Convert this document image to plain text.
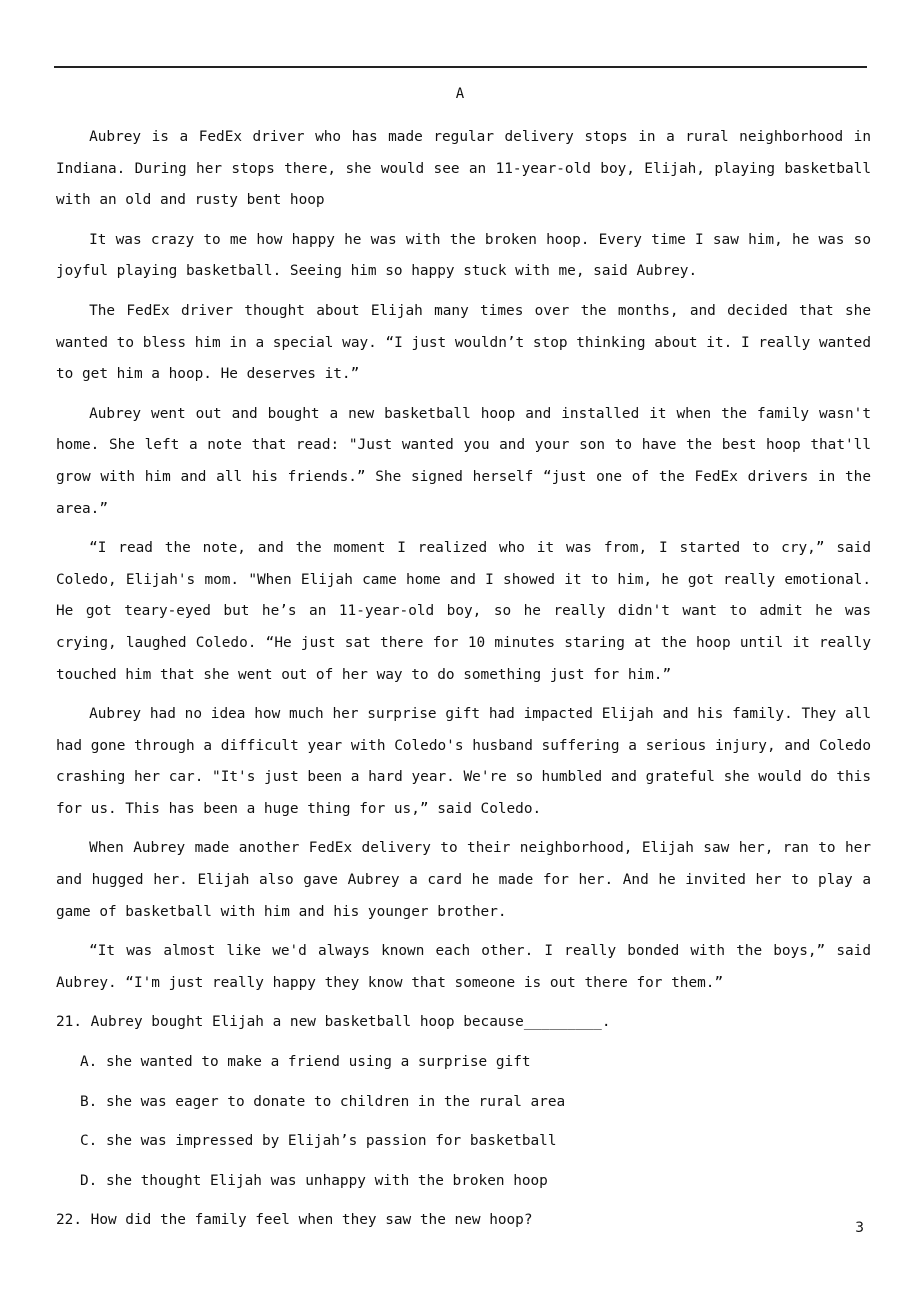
A

Aubrey is a FedEx driver who has made regular delivery stops in a rural neighborhood in Indiana. During her stops there, she would see an 11-year-old boy, Elijah, playing basketball with an old and rusty bent hoop

It was crazy to me how happy he was with the broken hoop. Every time I saw him, he was so joyful playing basketball. Seeing him so happy stuck with me, said Aubrey.

The FedEx driver thought about Elijah many times over the months, and decided that she wanted to bless him in a special way. “I just wouldn’t stop thinking about it. I really wanted to get him a hoop. He deserves it.”

Aubrey went out and bought a new basketball hoop and installed it when the family wasn't home. She left a note that read: "Just wanted you and your son to have the best hoop that'll grow with him and all his friends.” She signed herself “just one of the FedEx drivers in the area.”

“I read the note, and the moment I realized who it was from, I started to cry,” said Coledo, Elijah's mom. "When Elijah came home and I showed it to him, he got really emotional. He got teary-eyed but he’s an 11-year-old boy, so he really didn't want to admit he was crying, laughed Coledo. “He just sat there for 10 minutes staring at the hoop until it really touched him that she went out of her way to do something just for him.”

Aubrey had no idea how much her surprise gift had impacted Elijah and his family. They all had gone through a difficult year with Coledo's husband suffering a serious injury, and Coledo crashing her car. "It's just been a hard year. We're so humbled and grateful she would do this for us. This has been a huge thing for us,” said Coledo.

When Aubrey made another FedEx delivery to their neighborhood, Elijah saw her, ran to her and hugged her. Elijah also gave Aubrey a card he made for her. And he invited her to play a game of basketball with him and his younger brother.

“It was almost like we'd always known each other. I really bonded with the boys,” said Aubrey. “I'm just really happy they know that someone is out there for them.”

21. Aubrey bought Elijah a new basketball hoop because_________.
A. she wanted to make a friend using a surprise gift
B. she was eager to donate to children in the rural area
C. she was impressed by Elijah’s passion for basketball
D. she thought Elijah was unhappy with the broken hoop
22. How did the family feel when they saw the new hoop?	3
